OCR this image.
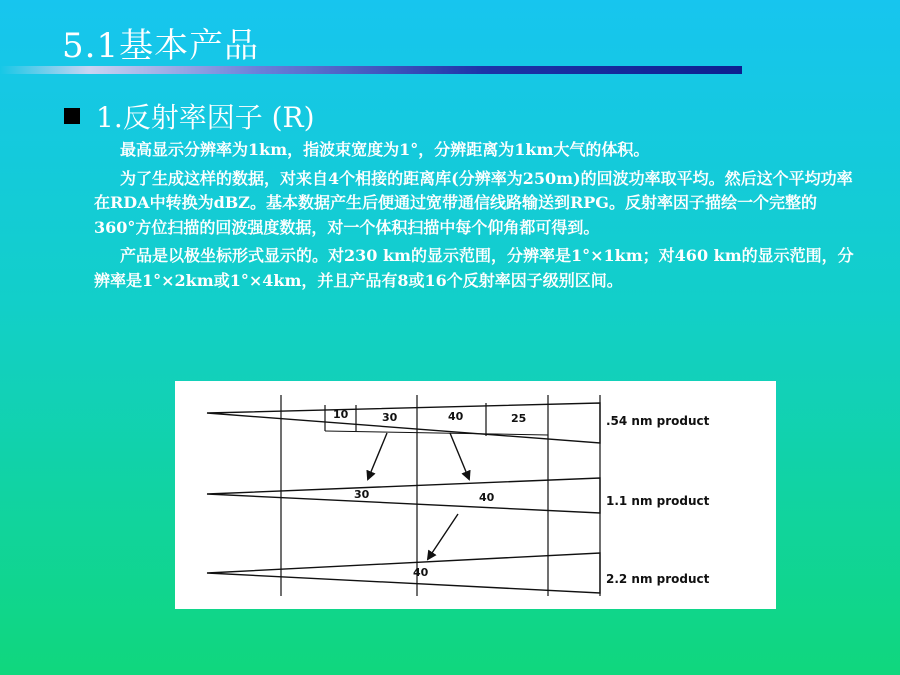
5.1基本产品
1.反射率因子 (R)

最高显示分辨率为1km，指波束宽度为1°，分辨距离为1km大气的体积。

为了生成这样的数据，对来自4个相接的距离库(分辨率为250m)的回波功率取平均。然后这个平均功率在RDA中转换为dBZ。基本数据产生后便通过宽带通信线路输送到RPG。反射率因子描绘一个完整的360°方位扫描的回波强度数据，对一个体积扫描中每个仰角都可得到。

产品是以极坐标形式显示的。对230 km的显示范围，分辨率是1°×1km；对460 km的显示范围，分辨率是1°×2km或1°×4km，并且产品有8或16个反射率因子级别区间。

10	30	40	25
30	40
40
.54 nm product
1.1 nm product
2.2 nm product
